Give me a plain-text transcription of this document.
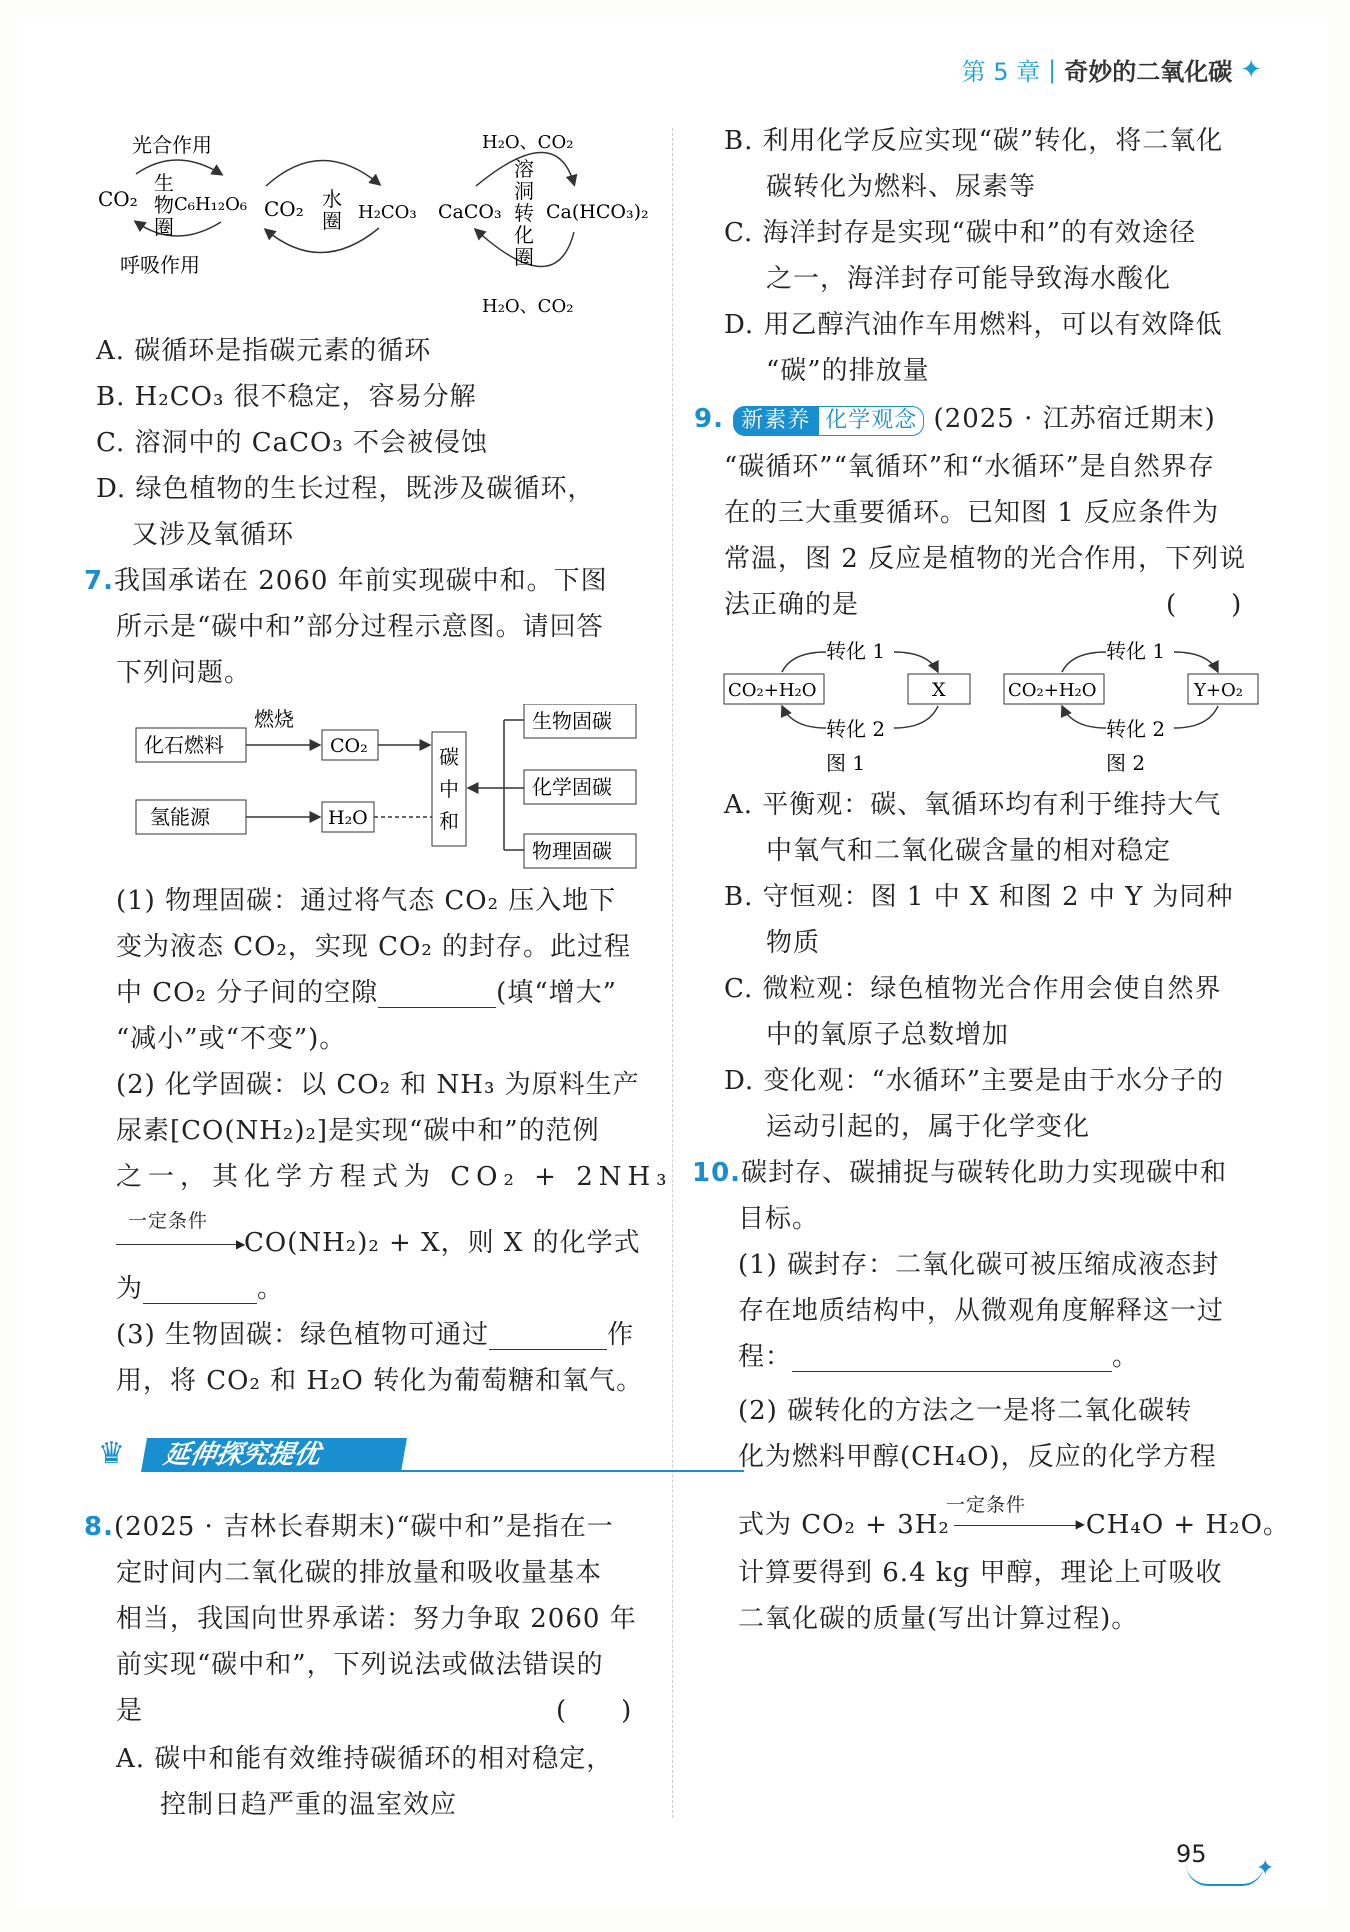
第 5 章 | 奇妙的二氧化碳 ✦
光合作用
CO₂
生
物
圈
C₆H₁₂O₆
呼吸作用
CO₂ 水
圈 H₂CO₃
H₂O、CO₂
CaCO₃
溶
洞
转
化
圈
Ca(HCO₃)₂
H₂O、CO₂
A. 碳循环是指碳元素的循环
B. H₂CO₃ 很不稳定，容易分解
C. 溶洞中的 CaCO₃ 不会被侵蚀
D. 绿色植物的生长过程，既涉及碳循环，
又涉及氧循环
7.我国承诺在 2060 年前实现碳中和。下图
所示是“碳中和”部分过程示意图。请回答
下列问题。
化石燃料
燃烧
CO₂
氢能源	H₂O
碳
中
和
生物固碳
化学固碳
物理固碳
(1) 物理固碳：通过将气态 CO₂ 压入地下
变为液态 CO₂，实现 CO₂ 的封存。此过程
中 CO₂ 分子间的空隙	(填“增大”
“减小”或“不变”)。
(2) 化学固碳：以 CO₂ 和 NH₃ 为原料生产
尿素[CO(NH₂)₂]是实现“碳中和”的范例
之一，其化学方程式为 CO₂ + 2NH₃
一定条件
▶
CO(NH₂)₂ + X，则 X 的化学式
为	。
(3) 生物固碳：绿色植物可通过	作
用，将 CO₂ 和 H₂O 转化为葡萄糖和氧气。
♛	延伸探究提优
8.(2025 · 吉林长春期末)“碳中和”是指在一
定时间内二氧化碳的排放量和吸收量基本
相当，我国向世界承诺：努力争取 2060 年
前实现“碳中和”，下列说法或做法错误的
是	(　　)
A. 碳中和能有效维持碳循环的相对稳定，
控制日趋严重的温室效应
B. 利用化学反应实现“碳”转化，将二氧化
碳转化为燃料、尿素等
C. 海洋封存是实现“碳中和”的有效途径
之一，海洋封存可能导致海水酸化
D. 用乙醇汽油作车用燃料，可以有效降低
“碳”的排放量
9. 新素养 化学观念 (2025 · 江苏宿迁期末)
“碳循环”“氧循环”和“水循环”是自然界存
在的三大重要循环。已知图 1 反应条件为
常温，图 2 反应是植物的光合作用，下列说
法正确的是	(　　)
转化 1
CO₂+H₂O	X
转化 2
图 1
转化 1
CO₂+H₂O	Y+O₂
转化 2
图 2
A. 平衡观：碳、氧循环均有利于维持大气
中氧气和二氧化碳含量的相对稳定
B. 守恒观：图 1 中 X 和图 2 中 Y 为同种
物质
C. 微粒观：绿色植物光合作用会使自然界
中的氧原子总数增加
D. 变化观：“水循环”主要是由于水分子的
运动引起的，属于化学变化
10.碳封存、碳捕捉与碳转化助力实现碳中和
目标。
(1) 碳封存：二氧化碳可被压缩成液态封
存在地质结构中，从微观角度解释这一过
程：	。
(2) 碳转化的方法之一是将二氧化碳转
化为燃料甲醇(CH₄O)，反应的化学方程
一定条件
式为 CO₂ + 3H₂	▶ CH₄O + H₂O。
计算要得到 6.4 kg 甲醇，理论上可吸收
二氧化碳的质量(写出计算过程)。
95
✦
